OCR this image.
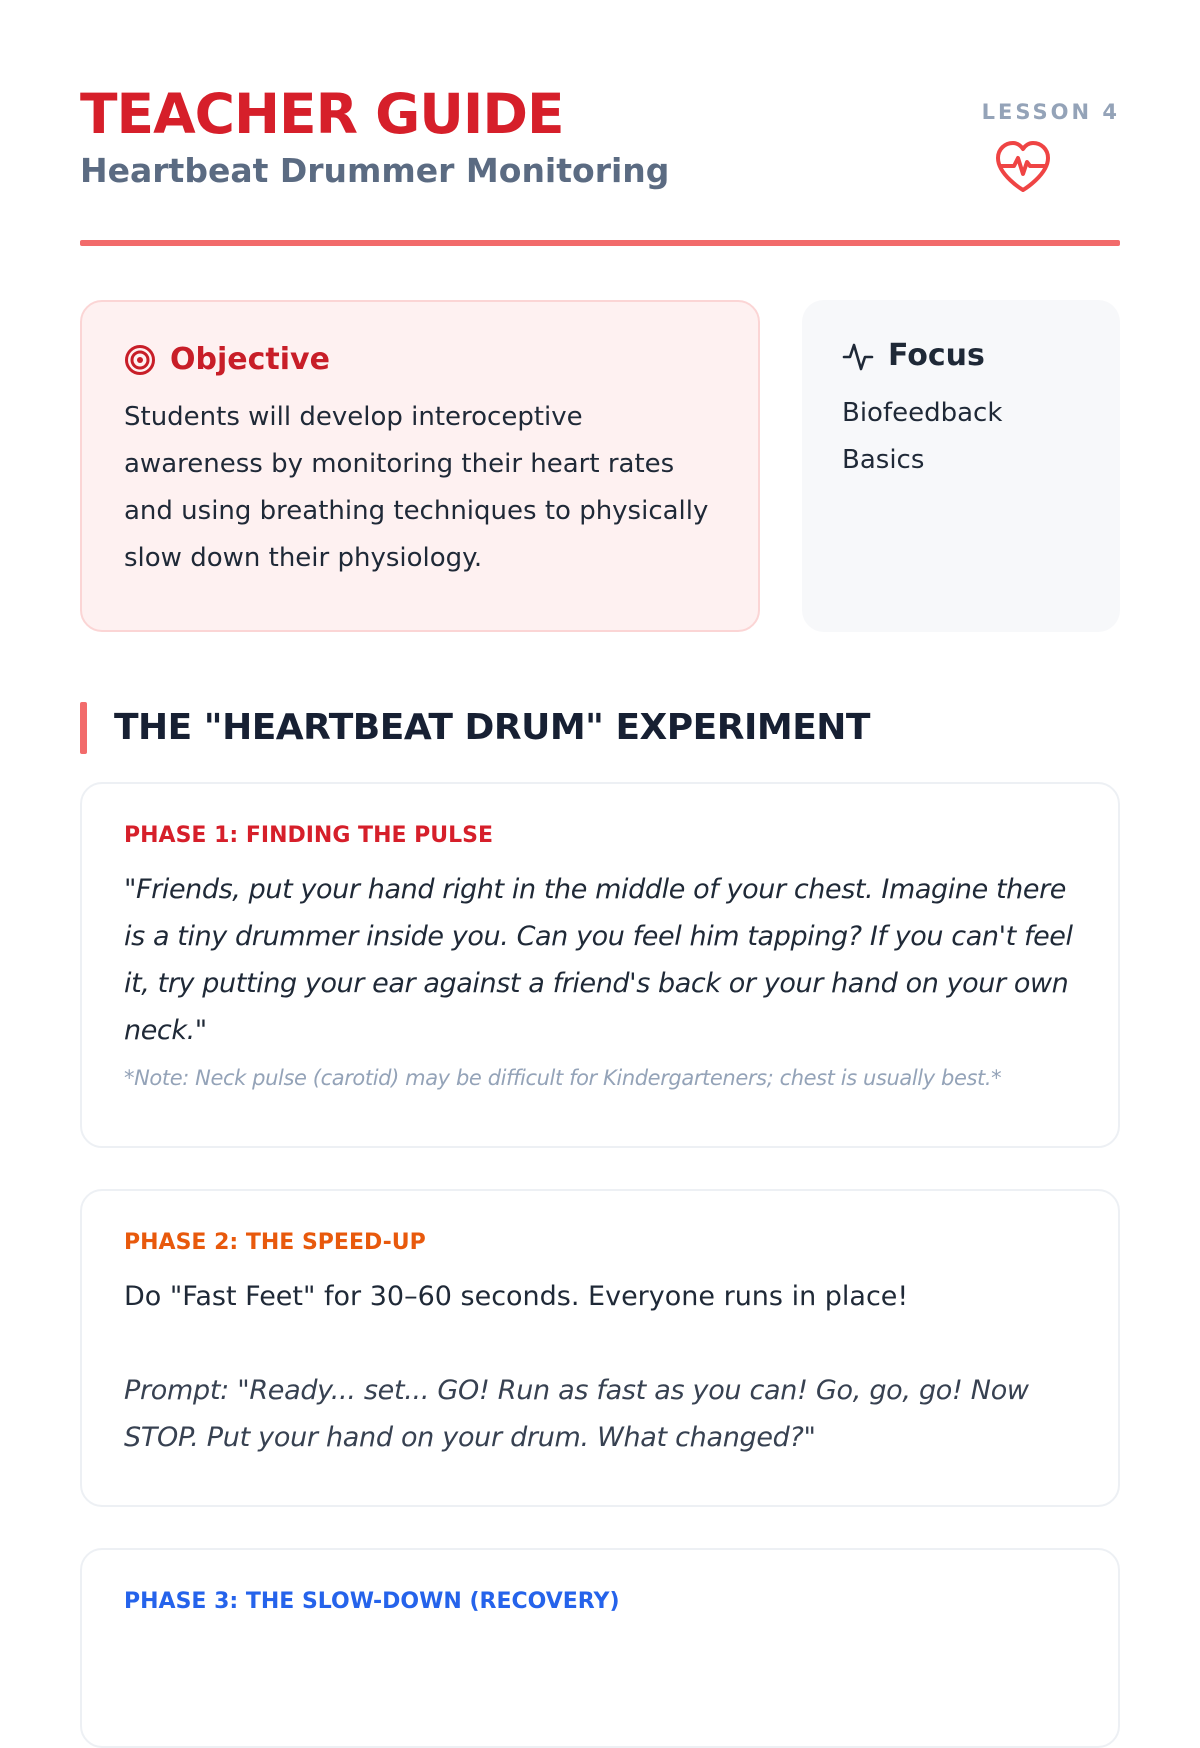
TEACHER GUIDE
Heartbeat Drummer Monitoring
LESSON 4
Objective
Students will develop interoceptive awareness by monitoring their heart rates and using breathing techniques to physically slow down their physiology.
Focus
Biofeedback Basics
THE "HEARTBEAT DRUM" EXPERIMENT
PHASE 1: FINDING THE PULSE
"Friends, put your hand right in the middle of your chest. Imagine there is a tiny drummer inside you. Can you feel him tapping? If you can't feel it, try putting your ear against a friend's back or your hand on your own neck."
*Note: Neck pulse (carotid) may be difficult for Kindergarteners; chest is usually best.*
PHASE 2: THE SPEED-UP
Do "Fast Feet" for 30–60 seconds. Everyone runs in place!
Prompt: "Ready... set... GO! Run as fast as you can! Go, go, go! Now STOP. Put your hand on your drum. What changed?"
PHASE 3: THE SLOW-DOWN (RECOVERY)
